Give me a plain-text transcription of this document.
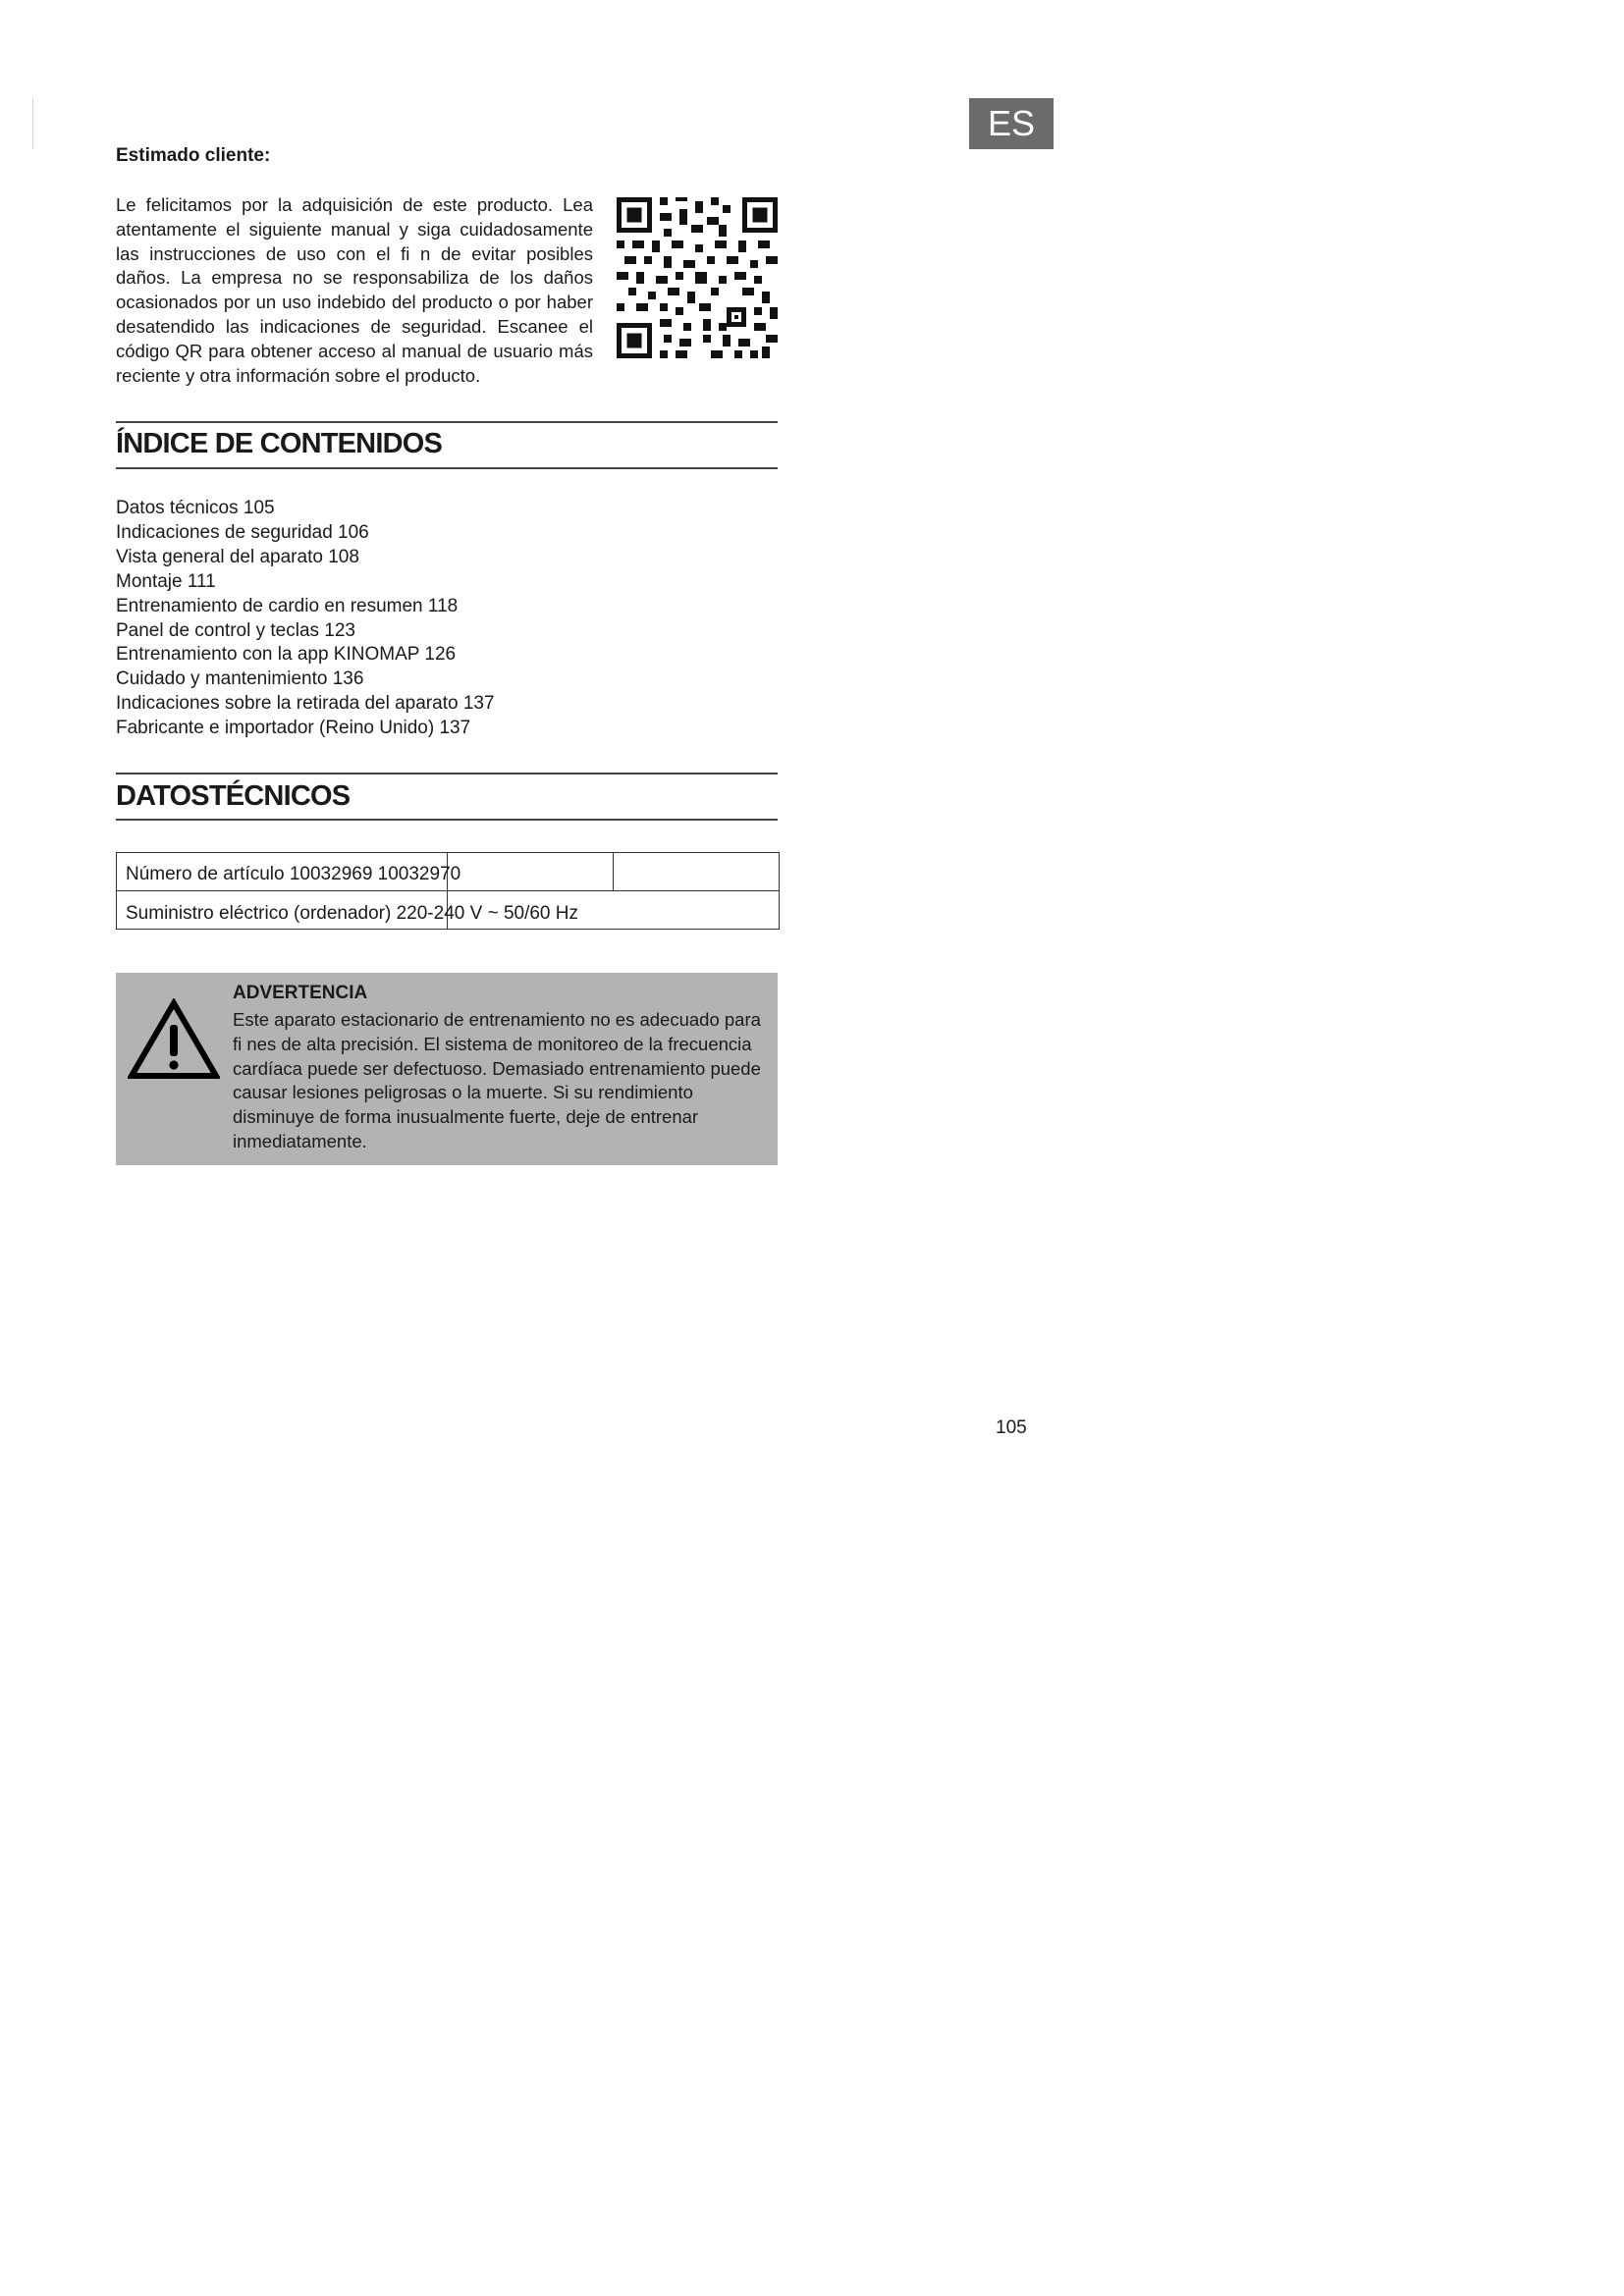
ES
Estimado cliente:
Le felicitamos por la adquisición de este producto. Lea atentamente el siguiente manual y siga cuidadosamente las instrucciones de uso con el fi n de evitar posibles daños. La empresa no se responsabiliza de los daños ocasionados por un uso indebido del producto o por haber desatendido las indicaciones de seguridad. Escanee el código QR para obtener acceso al manual de usuario más reciente y otra información sobre el producto.
ÍNDICE DE CONTENIDOS
Datos técnicos 105
Indicaciones de seguridad 106
Vista general del aparato 108
Montaje 111
Entrenamiento de cardio en resumen 118
Panel de control y teclas 123
Entrenamiento con la app KINOMAP 126
Cuidado y mantenimiento 136
Indicaciones sobre la retirada del aparato 137
Fabricante e importador (Reino Unido) 137
DATOSTÉCNICOS

Número de artículo 10032969 10032970
Suministro eléctrico (ordenador) 220-240 V ~ 50/60 Hz
ADVERTENCIA
Este aparato estacionario de entrenamiento no es adecuado para fi nes de alta precisión. El sistema de monitoreo de la frecuencia cardíaca puede ser defectuoso. Demasiado entrenamiento puede causar lesiones peligrosas o la muerte. Si su rendimiento disminuye de forma inusualmente fuerte, deje de entrenar inmediatamente.
105
